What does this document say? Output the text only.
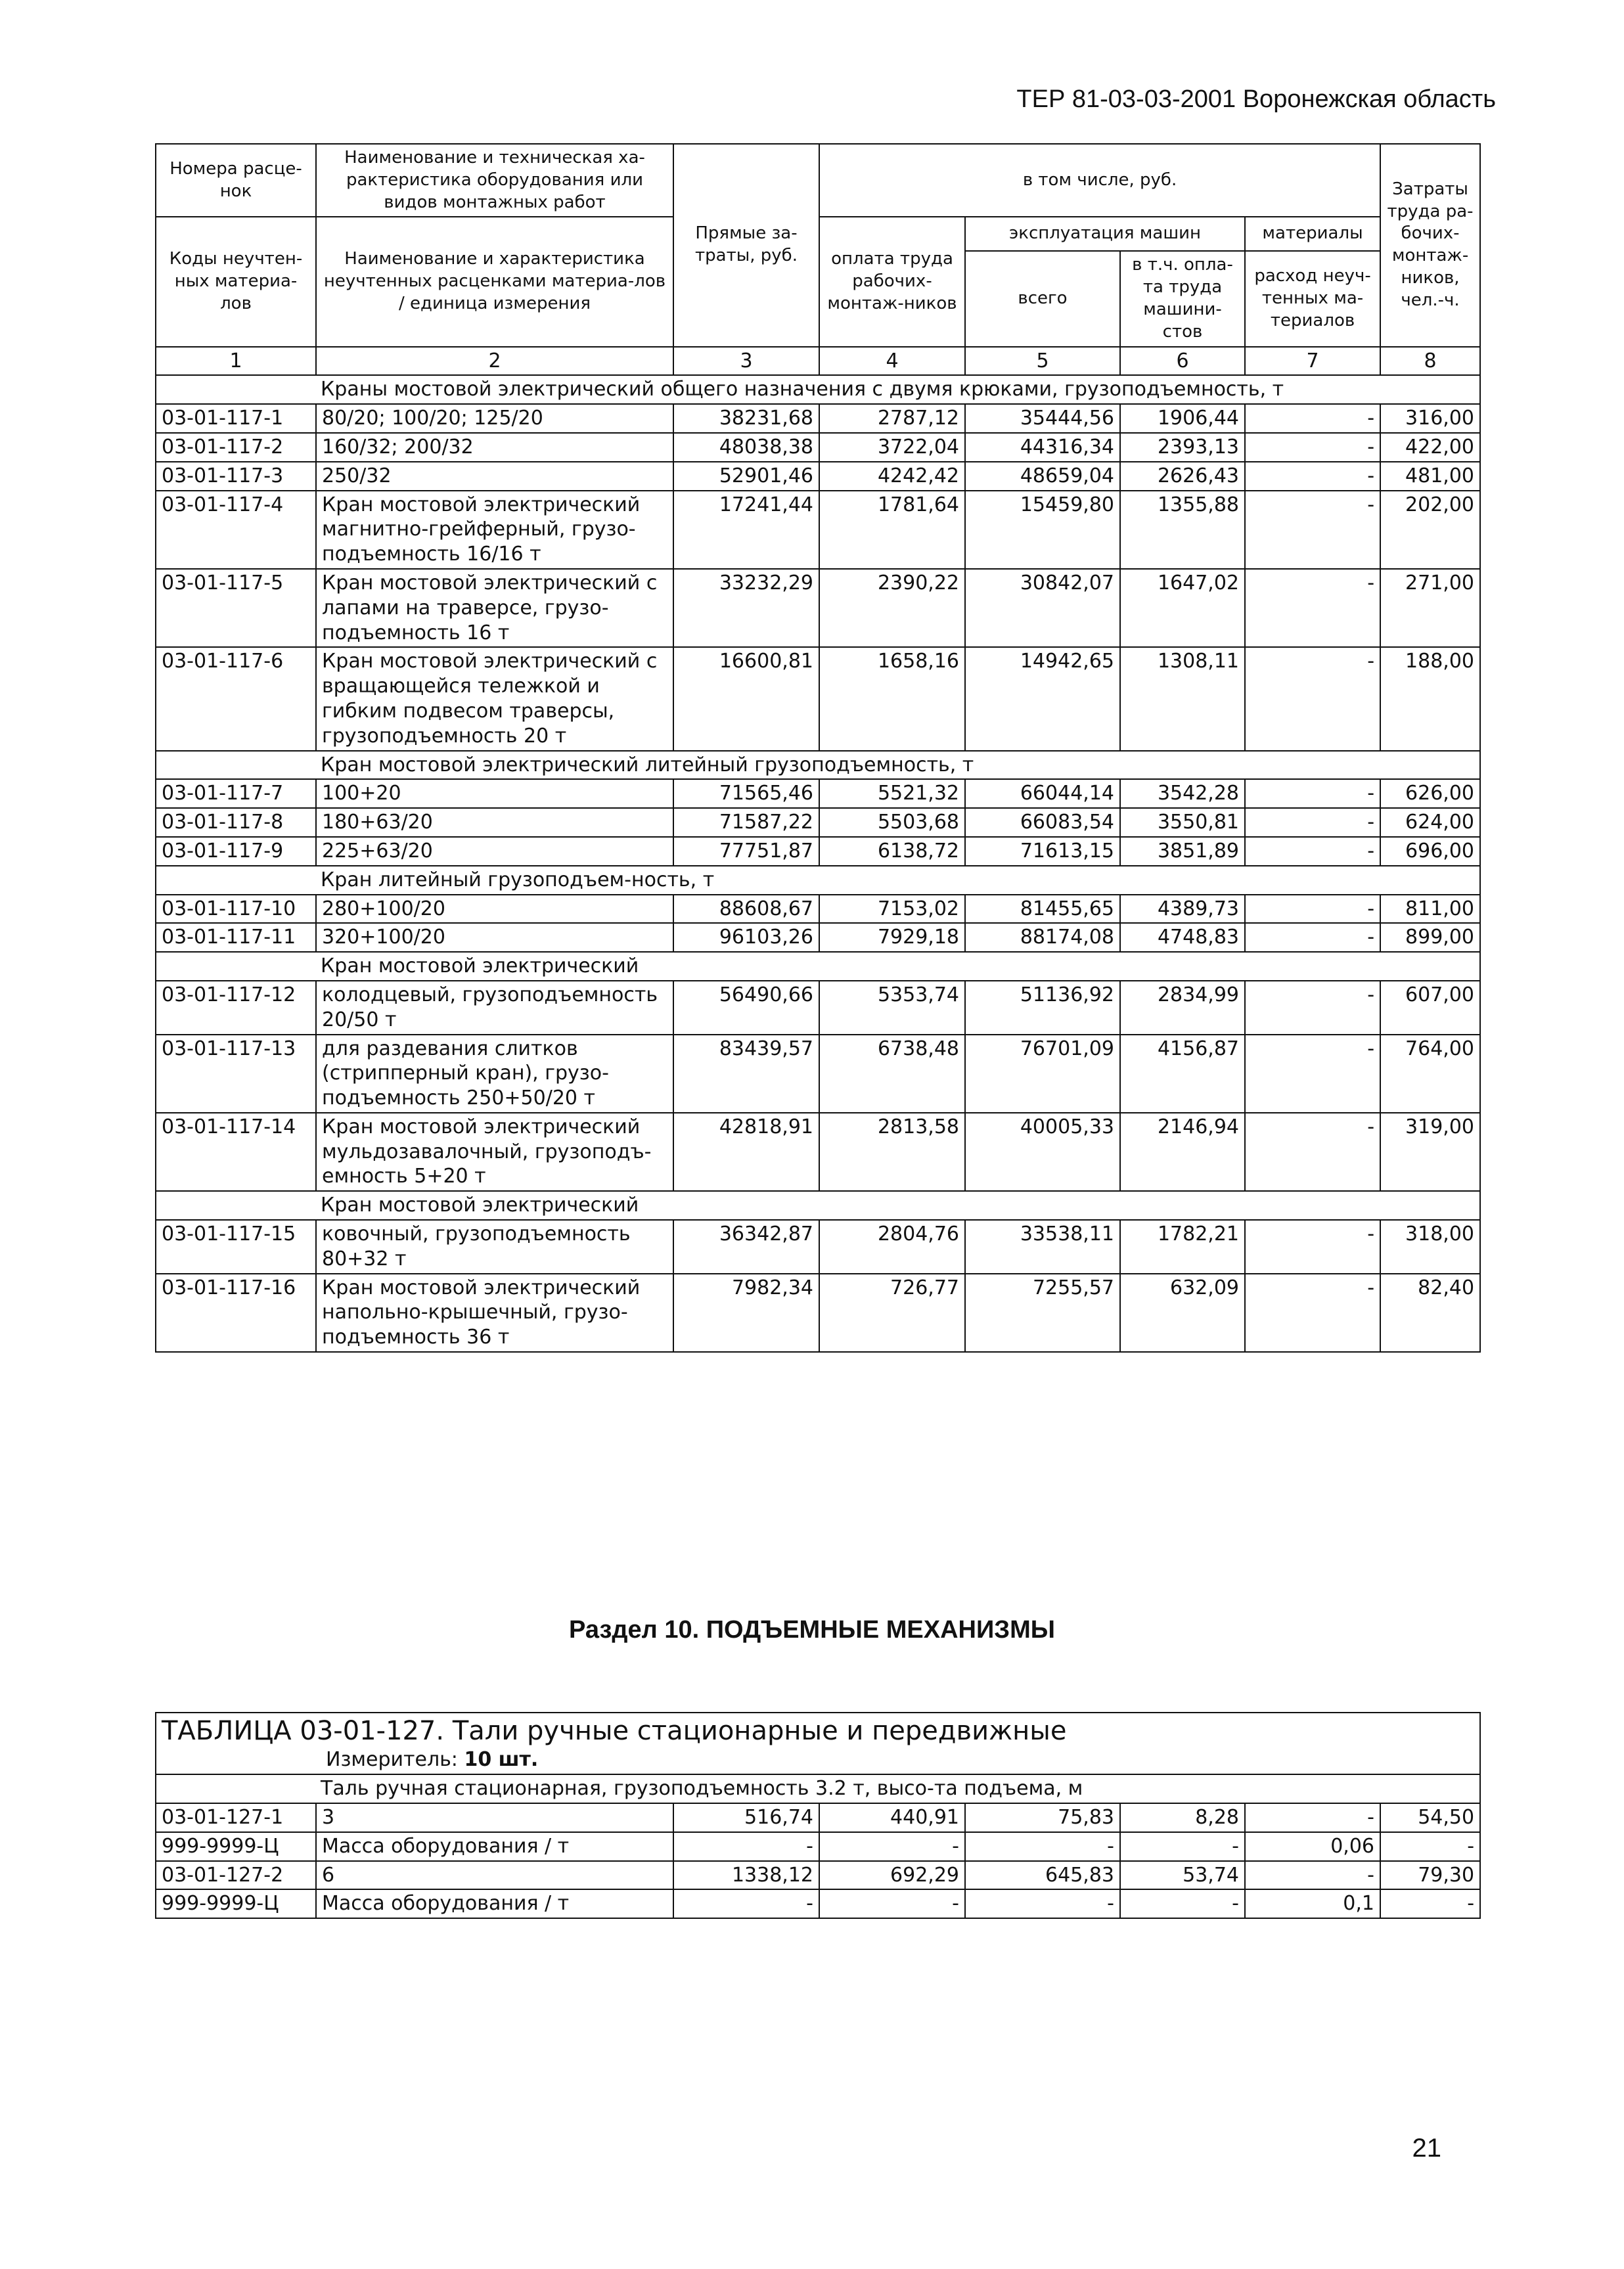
ТЕР 81-03-03-2001 Воронежская область
Номера расце-нок	Наименование и техническая ха-рактеристика оборудования или видов монтажных работ	Прямые за-траты, руб.	в том числе, руб.				Затраты труда ра-бочих-монтаж-ников, чел.-ч.
Коды неучтен-ных материа-лов	Наименование и характеристика неучтенных расценками материа-лов / единица измерения		оплата труда рабочих-монтаж-ников	эксплуатация машин		материалы	
				всего	в т.ч. опла-та труда машини-стов	расход неуч-тенных ма-териалов	
1	2	3	4	5	6	7	8
Краны мостовой электрический общего назначения с двумя крюками, грузоподъемность, т							
03-01-117-1	80/20; 100/20; 125/20	38231,68	2787,12	35444,56	1906,44	-	316,00
03-01-117-2	160/32; 200/32	48038,38	3722,04	44316,34	2393,13	-	422,00
03-01-117-3	250/32	52901,46	4242,42	48659,04	2626,43	-	481,00
03-01-117-4	Кран мостовой электрический магнитно-грейферный, грузо-подъемность 16/16 т	17241,44	1781,64	15459,80	1355,88	-	202,00
03-01-117-5	Кран мостовой электрический с лапами на траверсе, грузо-подъемность 16 т	33232,29	2390,22	30842,07	1647,02	-	271,00
03-01-117-6	Кран мостовой электрический с вращающейся тележкой и гибким подвесом траверсы, грузоподъемность 20 т	16600,81	1658,16	14942,65	1308,11	-	188,00
Кран мостовой электрический литейный грузоподъемность, т							
03-01-117-7	100+20	71565,46	5521,32	66044,14	3542,28	-	626,00
03-01-117-8	180+63/20	71587,22	5503,68	66083,54	3550,81	-	624,00
03-01-117-9	225+63/20	77751,87	6138,72	71613,15	3851,89	-	696,00
Кран литейный грузоподъем-ность, т							
03-01-117-10	280+100/20	88608,67	7153,02	81455,65	4389,73	-	811,00
03-01-117-11	320+100/20	96103,26	7929,18	88174,08	4748,83	-	899,00
Кран мостовой электрический							
03-01-117-12	колодцевый, грузоподъемность 20/50 т	56490,66	5353,74	51136,92	2834,99	-	607,00
03-01-117-13	для раздевания слитков (стрипперный кран), грузо-подъемность 250+50/20 т	83439,57	6738,48	76701,09	4156,87	-	764,00
03-01-117-14	Кран мостовой электрический мульдозавалочный, грузоподъ-емность 5+20 т	42818,91	2813,58	40005,33	2146,94	-	319,00
Кран мостовой электрический							
03-01-117-15	ковочный, грузоподъемность 80+32 т	36342,87	2804,76	33538,11	1782,21	-	318,00
03-01-117-16	Кран мостовой электрический напольно-крышечный, грузо-подъемность 36 т	7982,34	726,77	7255,57	632,09	-	82,40
Раздел 10. ПОДЪЕМНЫЕ МЕХАНИЗМЫ
ТАБЛИЦА 03-01-127. Тали ручные стационарные и передвижные
Измеритель: 10 шт.							

Таль ручная стационарная, грузоподъемность 3.2 т, высо-та подъема, м							
03-01-127-1	3	516,74	440,91	75,83	8,28	-	54,50
999-9999-Ц	Масса оборудования / т	-	-	-	-	0,06	-
03-01-127-2	6	1338,12	692,29	645,83	53,74	-	79,30
999-9999-Ц	Масса оборудования / т	-	-	-	-	0,1	-
21
